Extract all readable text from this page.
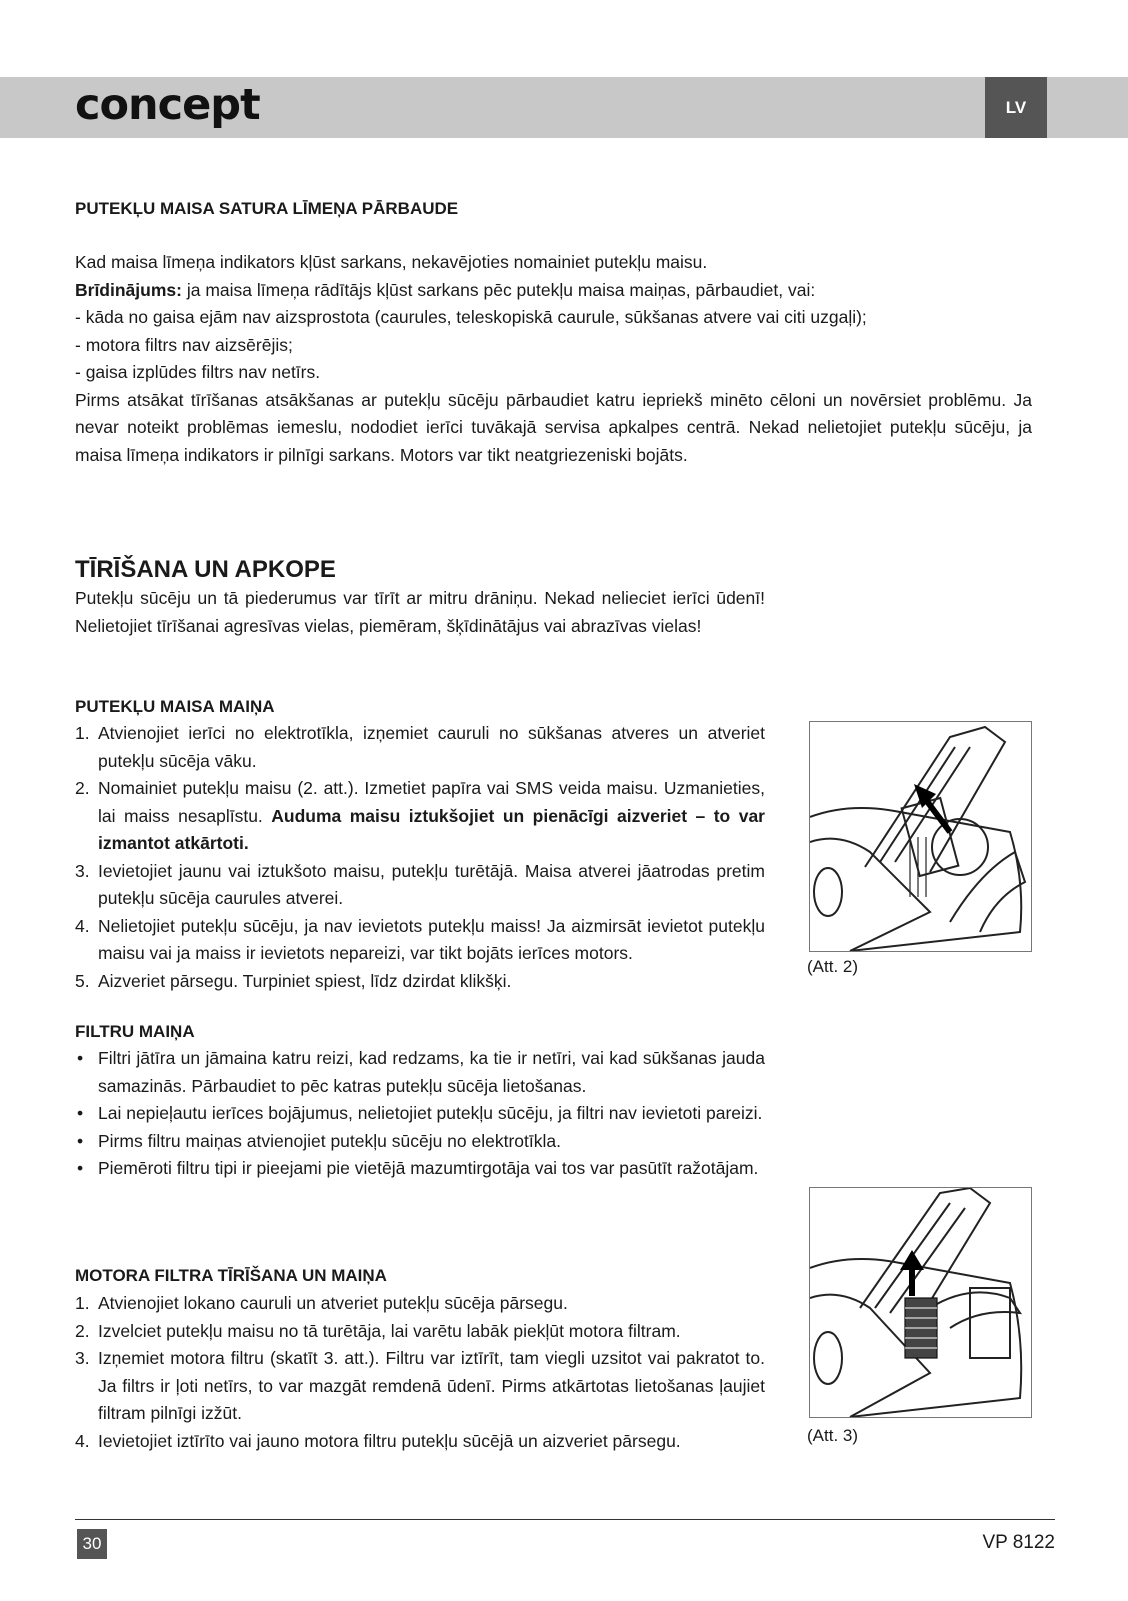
concept	LV
PUTEKĻU MAISA SATURA LĪMEŅA PĀRBAUDE
Kad maisa līmeņa indikators kļūst sarkans, nekavējoties nomainiet putekļu maisu.
Brīdinājums: ja maisa līmeņa rādītājs kļūst sarkans pēc putekļu maisa maiņas, pārbaudiet, vai:
- kāda no gaisa ejām nav aizsprostota (caurules, teleskopiskā caurule, sūkšanas atvere vai citi uzgaļi);
- motora filtrs nav aizsērējis;
- gaisa izplūdes filtrs nav netīrs.
Pirms atsākat tīrīšanas atsākšanas ar putekļu sūcēju pārbaudiet katru iepriekš minēto cēloni un novērsiet problēmu. Ja nevar noteikt problēmas iemeslu, nododiet ierīci tuvākajā servisa apkalpes centrā. Nekad nelietojiet putekļu sūcēju, ja maisa līmeņa indikators ir pilnīgi sarkans. Motors var tikt neatgriezeniski bojāts.
TĪRĪŠANA UN APKOPE
Putekļu sūcēju un tā piederumus var tīrīt ar mitru drāniņu. Nekad nelieciet ierīci ūdenī! Nelietojiet tīrīšanai agresīvas vielas, piemēram, šķīdinātājus vai abrazīvas vielas!
PUTEKĻU MAISA MAIŅA
1. Atvienojiet ierīci no elektrotīkla, izņemiet cauruli no sūkšanas atveres un atveriet putekļu sūcēja vāku.
2. Nomainiet putekļu maisu (2. att.). Izmetiet papīra vai SMS veida maisu. Uzmanieties, lai maiss nesaplīstu. Auduma maisu iztukšojiet un pienācīgi aizveriet – to var izmantot atkārtoti.
3. Ievietojiet jaunu vai iztukšoto maisu, putekļu turētājā. Maisa atverei jāatrodas pretim putekļu sūcēja caurules atverei.
4. Nelietojiet putekļu sūcēju, ja nav ievietots putekļu maiss! Ja aizmirsāt ievietot putekļu maisu vai ja maiss ir ievietots nepareizi, var tikt bojāts ierīces motors.
5. Aizveriet pārsegu. Turpiniet spiest, līdz dzirdat klikšķi.
FILTRU MAIŅA
• Filtri jātīra un jāmaina katru reizi, kad redzams, ka tie ir netīri, vai kad sūkšanas jauda samazinās. Pārbaudiet to pēc katras putekļu sūcēja lietošanas.
• Lai nepieļautu ierīces bojājumus, nelietojiet putekļu sūcēju, ja filtri nav ievietoti pareizi.
• Pirms filtru maiņas atvienojiet putekļu sūcēju no elektrotīkla.
• Piemēroti filtru tipi ir pieejami pie vietējā mazumtirgotāja vai tos var pasūtīt ražotājam.
MOTORA FILTRA TĪRĪŠANA UN MAIŅA
1. Atvienojiet lokano cauruli un atveriet putekļu sūcēja pārsegu.
2. Izvelciet putekļu maisu no tā turētāja, lai varētu labāk piekļūt motora filtram.
3. Izņemiet motora filtru (skatīt 3. att.). Filtru var iztīrīt, tam viegli uzsitot vai pakratot to. Ja filtrs ir ļoti netīrs, to var mazgāt remdenā ūdenī. Pirms atkārtotas lietošanas ļaujiet filtram pilnīgi izžūt.
4. Ievietojiet iztīrīto vai jauno motora filtru putekļu sūcējā un aizveriet pārsegu.
(Att. 2)
(Att. 3)
30	VP 8122
